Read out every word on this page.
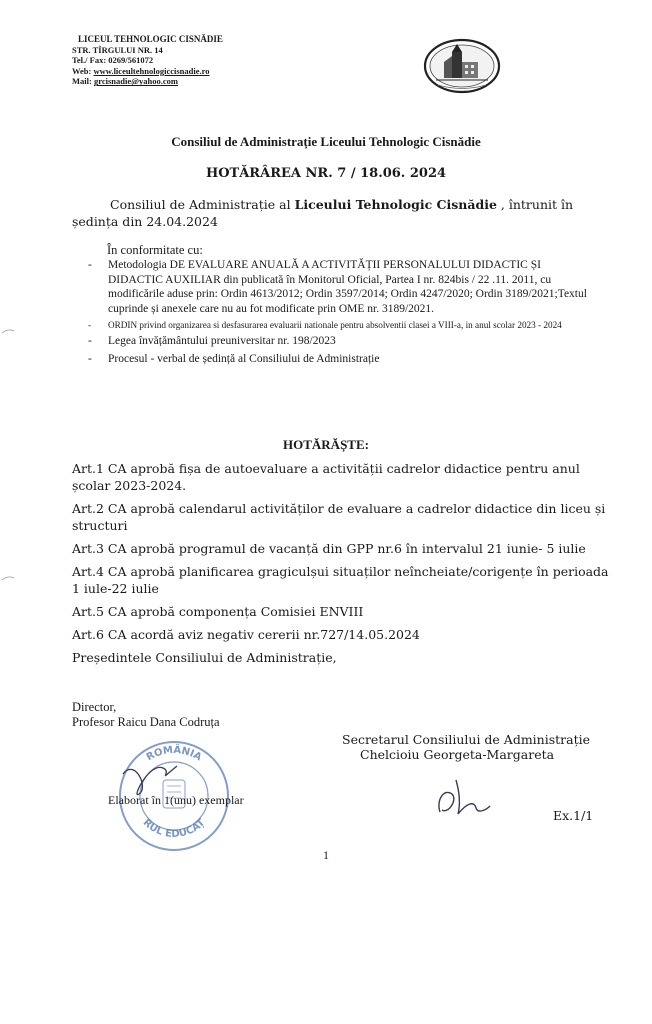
LICEUL TEHNOLOGIC CISNĂDIE
STR. TÎRGULUI NR. 14
Tel./ Fax: 0269/561072
Web: www.liceultehnologiccisnadie.ro
Mail: grcisnadie@yahoo.com
Consiliul de Administrație Liceului Tehnologic Cisnădie
HOTĂRÂREA NR. 7 / 18.06. 2024
Consiliul de Administrație al Liceului Tehnologic Cisnădie , întrunit în ședința din 24.04.2024
În conformitate cu:
- Metodologia DE EVALUARE ANUALĂ A ACTIVITĂȚII PERSONALULUI DIDACTIC ȘI DIDACTIC AUXILIAR din publicată în Monitorul Oficial, Partea I nr. 824bis / 22 .11. 2011, cu modificările aduse prin: Ordin 4613/2012; Ordin 3597/2014; Ordin 4247/2020; Ordin 3189/2021;Textul cuprinde și anexele care nu au fot modificate prin OME nr. 3189/2021.
- ORDIN privind organizarea si desfasurarea evaluarii nationale pentru absolventii clasei a VIII-a, in anul scolar 2023 - 2024
- Legea învățământului preuniversitar nr. 198/2023
- Procesul - verbal de ședință al Consiliului de Administrație
HOTĂRĂȘTE:
Art.1 CA aprobă fișa de autoevaluare a activității cadrelor didactice pentru anul școlar 2023-2024.
Art.2 CA aprobă calendarul activităților de evaluare a cadrelor didactice din liceu și structuri
Art.3 CA aprobă programul de vacanță din GPP nr.6 în intervalul 21 iunie- 5 iulie
Art.4 CA aprobă planificarea gragiculșui situaților neîncheiate/corigențe în perioada 1 iule-22 iulie
Art.5 CA aprobă componența Comisiei ENVIII
Art.6 CA acordă aviz negativ cererii nr.727/14.05.2024
Președintele Consiliului de Administrație,
Director,
Profesor Raicu Dana Codruța
Secretarul Consiliului de Administrație
Chelcioiu Georgeta-Margareta
ROMÂNIA
RUL EDUCAȚ
Elaborat în 1(unu) exemplar
Ex.1/1
1
